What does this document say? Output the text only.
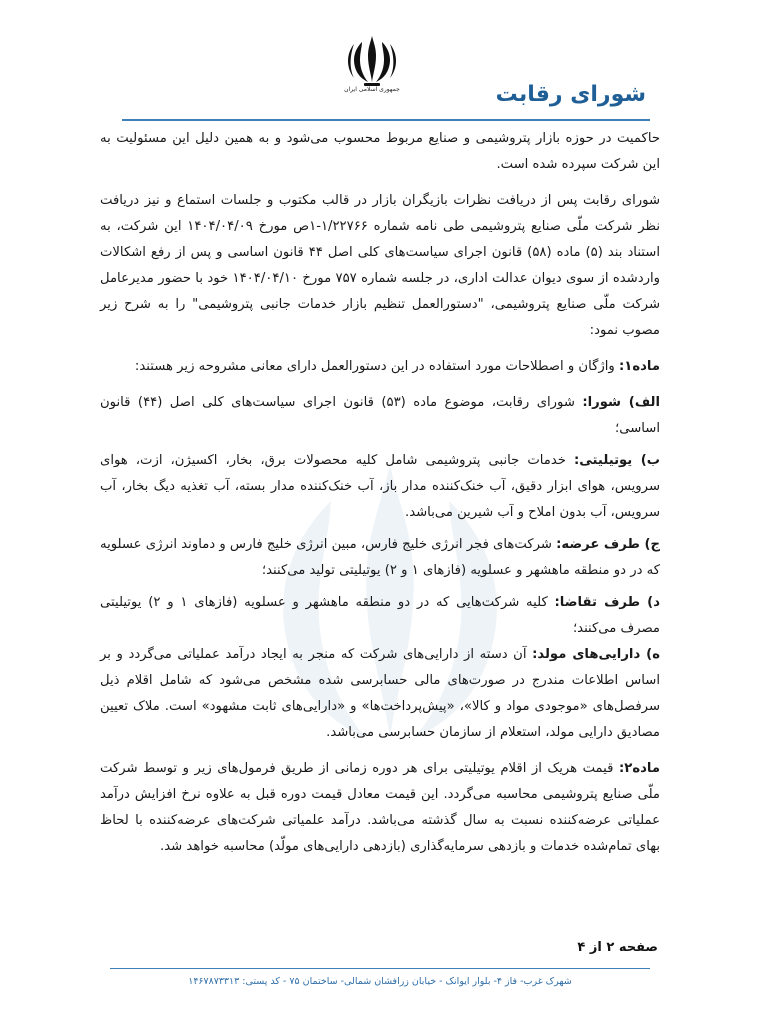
جمهوری اسلامی ایران	شورای رقابت

حاکمیت در حوزه بازار پتروشیمی و صنایع مربوط محسوب می‌شود و به همین دلیل این مسئولیت به این شرکت سپرده شده است.

شورای رقابت پس از دریافت نظرات بازیگران بازار در قالب مکتوب و جلسات استماع و نیز دریافت نظر شرکت ملّی صنایع پتروشیمی طی نامه شماره ۱/۲۲۷۶۶-۱ص مورخ ۱۴۰۴/۰۴/۰۹ این شرکت، به استناد بند (۵) ماده (۵۸) قانون اجرای سیاست‌های کلی اصل ۴۴ قانون اساسی و پس از رفع اشکالات واردشده از سوی دیوان عدالت اداری، در جلسه شماره ۷۵۷ مورخ ۱۴۰۴/۰۴/۱۰ خود با حضور مدیرعامل شرکت ملّی صنایع پتروشیمی، "دستورالعمل تنظیم بازار خدمات جانبی پتروشیمی" را به شرح زیر مصوب نمود:

ماده۱: واژگان و اصطلاحات مورد استفاده در این دستورالعمل دارای معانی مشروحه زیر هستند:

الف) شورا: شورای رقابت، موضوع ماده (۵۳) قانون اجرای سیاست‌های کلی اصل (۴۴) قانون اساسی؛

ب) یوتیلیتی: خدمات جانبی پتروشیمی شامل کلیه محصولات برق، بخار، اکسیژن، ازت، هوای سرویس، هوای ابزار دقیق، آب خنک‌کننده مدار باز، آب خنک‌کننده مدار بسته، آب تغذیه دیگ بخار، آب سرویس، آب بدون املاح و آب شیرین می‌باشد.

ج) طرف عرضه: شرکت‌های فجر انرژی خلیج فارس، مبین انرژی خلیج فارس و دماوند انرژی عسلویه که در دو منطقه ماهشهر و عسلویه (فازهای ۱ و ۲) یوتیلیتی تولید می‌کنند؛

د) طرف تقاضا: کلیه شرکت‌هایی که در دو منطقه ماهشهر و عسلویه (فازهای ۱ و ۲) یوتیلیتی مصرف می‌کنند؛

ه) دارایی‌های مولد: آن دسته از دارایی‌های شرکت که منجر به ایجاد درآمد عملیاتی می‌گردد و بر اساس اطلاعات مندرج در صورت‌های مالی حسابرسی شده مشخص می‌شود که شامل اقلام ذیل سرفصل‌های «موجودی مواد و کالا»، «پیش‌پرداخت‌ها» و «دارایی‌های ثابت مشهود» است. ملاک تعیین مصادیق دارایی مولد، استعلام از سازمان حسابرسی می‌باشد.

ماده۲: قیمت هریک از اقلام یوتیلیتی برای هر دوره زمانی از طریق فرمول‌های زیر و توسط شرکت ملّی صنایع پتروشیمی محاسبه می‌گردد. این قیمت معادل قیمت دوره قبل به علاوه نرخ افزایش درآمد عملیاتی عرضه‌کننده نسبت به سال گذشته می‌باشد. درآمد علمیاتی شرکت‌های عرضه‌کننده با لحاظ بهای تمام‌شده خدمات و بازدهی سرمایه‌گذاری (بازدهی دارایی‌های مولّد) محاسبه خواهد شد.

صفحه ۲ از ۴
شهرک غرب- فاز ۴- بلوار ایوانک - خیابان زرافشان شمالی- ساختمان ۷۵ - کد پستی: ۱۴۶۷۸۷۳۳۱۳
